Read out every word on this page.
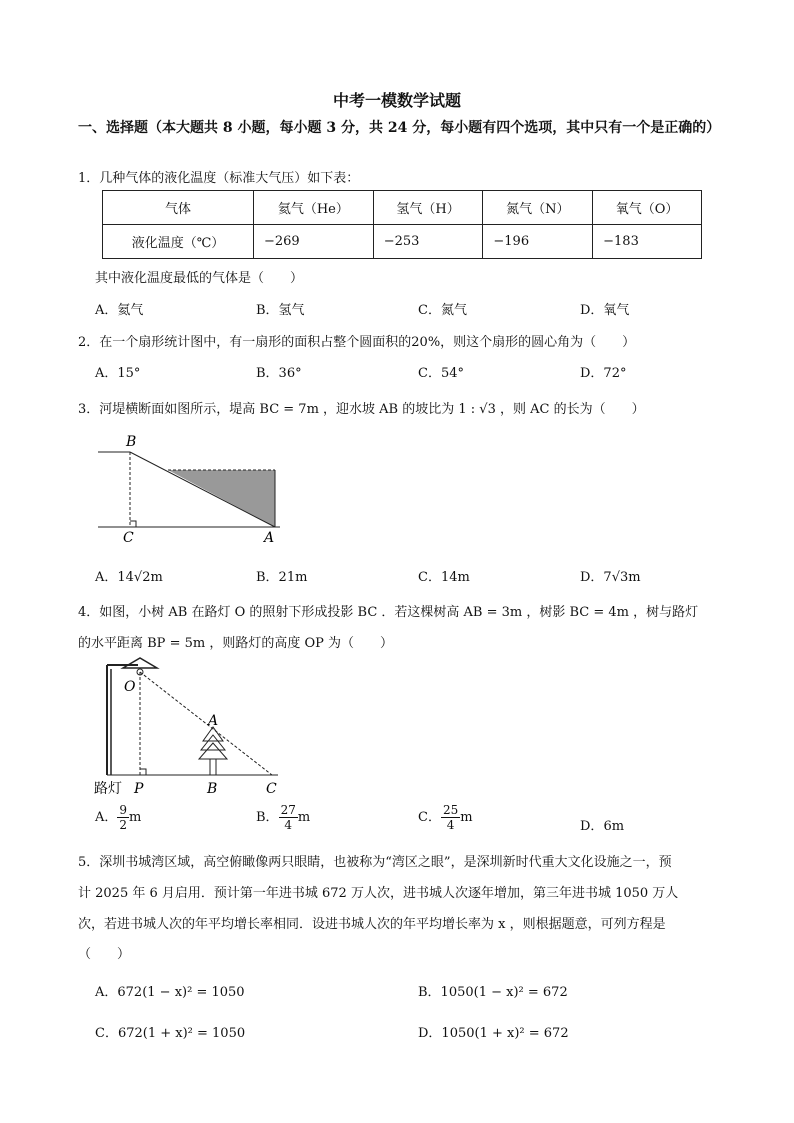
中考一模数学试题
一、选择题（本大题共 8 小题，每小题 3 分，共 24 分，每小题有四个选项，其中只有一个是正确的）
1．几种气体的液化温度（标准大气压）如下表：
气体	氦气（He）	氢气（H）	氮气（N）	氧气（O）
液化温度（℃）	−269	−253	−196	−183
其中液化温度最低的气体是（　　）
A．氦气	B．氢气	C．氮气	D．氧气
2．在一个扇形统计图中，有一扇形的面积占整个圆面积的20%，则这个扇形的圆心角为（　　）
A．15°	B．36°	C．54°	D．72°
3．河堤横断面如图所示，堤高 BC = 7m ，迎水坡 AB 的坡比为 1 : √3 ，则 AC 的长为（　　）
B
C	A
A．14√2m	B．21m	C．14m	D．7√3m
4．如图，小树 AB 在路灯 O 的照射下形成投影 BC ．若这棵树高 AB = 3m ，树影 BC = 4m ，树与路灯
的水平距离 BP = 5m ，则路灯的高度 OP 为（　　）
O
A
路灯 P	B	C
A． $\frac{9}{2}$ m	B． $\frac{27}{4}$ m	C． $\frac{25}{4}$ m
D．6m
5．深圳书城湾区域，高空俯瞰像两只眼睛，也被称为“湾区之眼”，是深圳新时代重大文化设施之一，预
计 2025 年 6 月启用．预计第一年进书城 672 万人次，进书城人次逐年增加，第三年进书城 1050 万人
次，若进书城人次的年平均增长率相同．设进书城人次的年平均增长率为 x ，则根据题意，可列方程是
（　　）
A．672(1 − x)² = 1050	B．1050(1 − x)² = 672
C．672(1 + x)² = 1050	D．1050(1 + x)² = 672
